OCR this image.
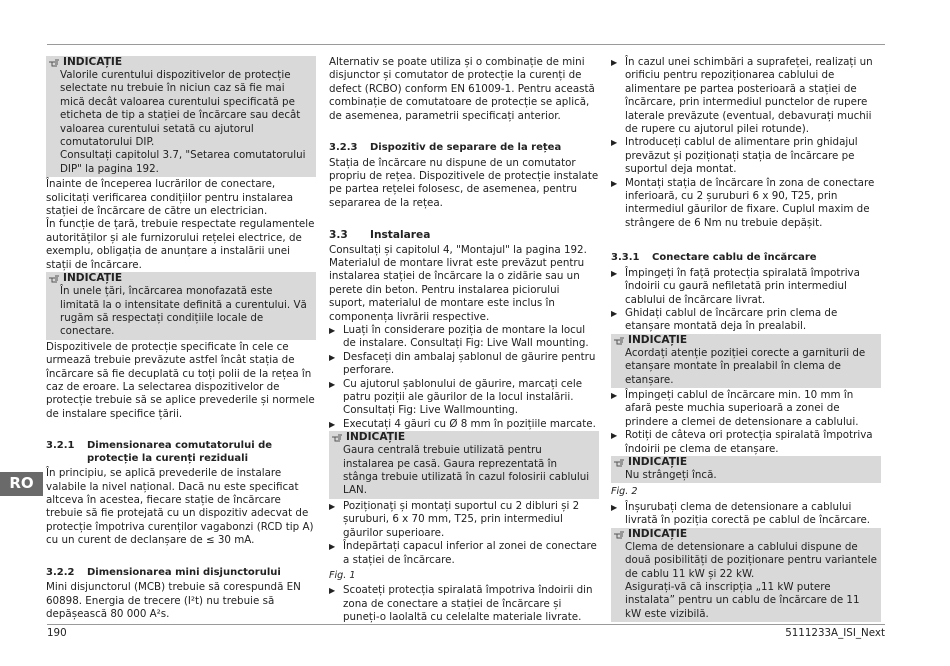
RO
INDICAȚIE

Valorile curentului dispozitivelor de protecție selectate nu trebuie în niciun caz să fie mai mică decât valoarea curentului specificată pe eticheta de tip a stației de încărcare sau decât valoarea curentului setată cu ajutorul comutatorului DIP.

Consultați capitolul 3.7, "Setarea comutatorului DIP" la pagina 192.

Înainte de începerea lucrărilor de conectare, solicitați verificarea condițiilor pentru instalarea stației de încărcare de către un electrician.

În funcție de țară, trebuie respectate regulamentele autorităților și ale furnizorului rețelei electrice, de exemplu, obligația de anunțare a instalării unei stații de încărcare.

INDICAȚIE

În unele țări, încărcarea monofazată este limitată la o intensitate definită a curentului. Vă rugăm să respectați condițiile locale de conectare.

Dispozitivele de protecție specificate în cele ce urmează trebuie prevăzute astfel încât stația de încărcare să fie decuplată cu toți polii de la rețea în caz de eroare. La selectarea dispozitivelor de protecție trebuie să se aplice prevederile și normele de instalare specifice țării.

3.2.1	Dimensionarea comutatorului de protecție la curenți reziduali

În principiu, se aplică prevederile de instalare valabile la nivel național. Dacă nu este specificat altceva în acestea, fiecare stație de încărcare trebuie să fie protejată cu un dispozitiv adecvat de protecție împotriva curenților vagabonzi (RCD tip A) cu un curent de declanșare de ≤ 30 mA.

3.2.2	Dimensionarea mini disjunctorului

Mini disjunctorul (MCB) trebuie să corespundă EN 60898. Energia de trecere (I²t) nu trebuie să depășească 80 000 A²s.

Alternativ se poate utiliza și o combinație de mini disjunctor și comutator de protecție la curenți de defect (RCBO) conform EN 61009-1. Pentru această combinație de comutatoare de protecție se aplică, de asemenea, parametrii specificați anterior.

3.2.3	Dispozitiv de separare de la rețea

Stația de încărcare nu dispune de un comutator propriu de rețea. Dispozitivele de protecție instalate pe partea rețelei folosesc, de asemenea, pentru separarea de la rețea.

3.3	Instalarea

Consultați și capitolul 4, "Montajul" la pagina 192. Materialul de montare livrat este prevăzut pentru instalarea stației de încărcare la o zidărie sau un perete din beton. Pentru instalarea piciorului suport, materialul de montare este inclus în componența livrării respective.

▶ Luați în considerare poziția de montare la locul de instalare. Consultați Fig: Live Wall mounting.
▶ Desfaceți din ambalaj șablonul de găurire pentru perforare.
▶ Cu ajutorul șablonului de găurire, marcați cele patru poziții ale găurilor de la locul instalării. Consultați Fig: Live Wallmounting.
▶ Executați 4 găuri cu Ø 8 mm în pozițiile marcate.
INDICAȚIE

Gaura centrală trebuie utilizată pentru instalarea pe casă. Gaura reprezentată în stânga trebuie utilizată în cazul folosirii cablului LAN.

▶ Poziționați și montați suportul cu 2 dibluri și 2 șuruburi, 6 x 70 mm, T25, prin intermediul găurilor superioare.
▶ Îndepărtați capacul inferior al zonei de conectare a stației de încărcare.
Fig. 1
▶ Scoateți protecția spiralată împotriva îndoirii din zona de conectare a stației de încărcare și puneți-o laolaltă cu celelalte materiale livrate.
▶ În cazul unei schimbări a suprafeței, realizați un orificiu pentru repoziționarea cablului de alimentare pe partea posterioară a stației de încărcare, prin intermediul punctelor de rupere laterale prevăzute (eventual, debavurați muchii de rupere cu ajutorul pilei rotunde).
▶ Introduceți cablul de alimentare prin ghidajul prevăzut și poziționați stația de încărcare pe suportul deja montat.
▶ Montați stația de încărcare în zona de conectare inferioară, cu 2 șuruburi 6 x 90, T25, prin intermediul găurilor de fixare. Cuplul maxim de strângere de 6 Nm nu trebuie depășit.
3.3.1	Conectare cablu de încărcare
▶ Împingeți în față protecția spiralată împotriva îndoirii cu gaură nefiletată prin intermediul cablului de încărcare livrat.
▶ Ghidați cablul de încărcare prin clema de etanșare montată deja în prealabil.
INDICAȚIE

Acordați atenție poziției corecte a garniturii de etanșare montate în prealabil în clema de etanșare.

▶ Împingeți cablul de încărcare min. 10 mm în afară peste muchia superioară a zonei de prindere a clemei de detensionare a cablului.
▶ Rotiți de câteva ori protecția spiralată împotriva îndoirii pe clema de etanșare.
INDICAȚIE

Nu strângeți încă.

Fig. 2
▶ Înșurubați clema de detensionare a cablului livrată în poziția corectă pe cablul de încărcare.
INDICAȚIE

Clema de detensionare a cablului dispune de două posibilități de poziționare pentru variantele de cablu 11 kW și 22 kW.

Asigurați-vă că inscripția „11 kW putere instalata” pentru un cablu de încărcare de 11 kW este vizibilă.

190	5111233A_ISI_Next
